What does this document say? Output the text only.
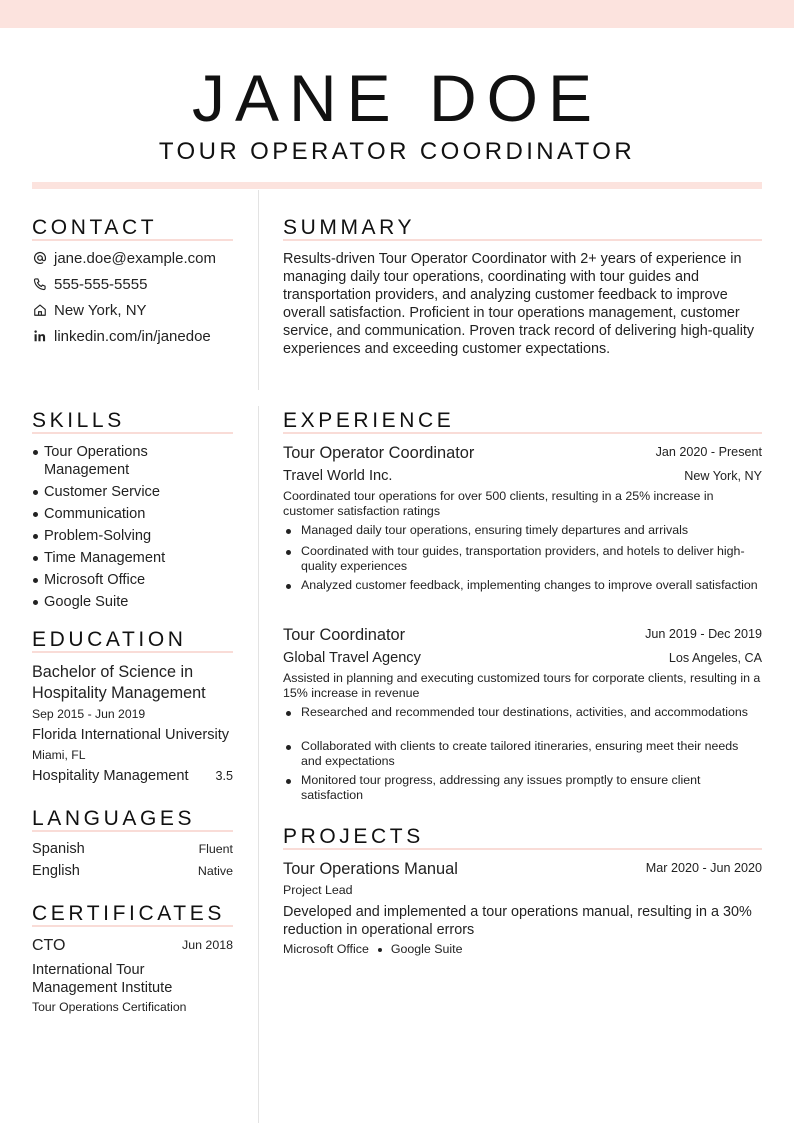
JANE DOE
TOUR OPERATOR COORDINATOR
CONTACT
jane.doe@example.com
555-555-5555
New York, NY
linkedin.com/in/janedoe
SUMMARY
Results-driven Tour Operator Coordinator with 2+ years of experience in managing daily tour operations, coordinating with tour guides and transportation providers, and analyzing customer feedback to improve overall satisfaction. Proficient in tour operations management, customer service, and communication. Proven track record of delivering high-quality experiences and exceeding customer expectations.
SKILLS
Tour Operations Management
Customer Service
Communication
Problem-Solving
Time Management
Microsoft Office
Google Suite
EDUCATION
Bachelor of Science in Hospitality Management
Sep 2015 - Jun 2019
Florida International University
Miami, FL
Hospitality Management	3.5
LANGUAGES
Spanish	Fluent
English	Native
CERTIFICATES
CTO	Jun 2018
International Tour Management Institute
Tour Operations Certification
EXPERIENCE
Tour Operator Coordinator	Jan 2020 - Present
Travel World Inc.	New York, NY
Coordinated tour operations for over 500 clients, resulting in a 25% increase in customer satisfaction ratings
Managed daily tour operations, ensuring timely departures and arrivals
Coordinated with tour guides, transportation providers, and hotels to deliver high-quality experiences
Analyzed customer feedback, implementing changes to improve overall satisfaction
Tour Coordinator	Jun 2019 - Dec 2019
Global Travel Agency	Los Angeles, CA
Assisted in planning and executing customized tours for corporate clients, resulting in a 15% increase in revenue
Researched and recommended tour destinations, activities, and accommodations
Collaborated with clients to create tailored itineraries, ensuring meet their needs and expectations
Monitored tour progress, addressing any issues promptly to ensure client satisfaction
PROJECTS
Tour Operations Manual	Mar 2020 - Jun 2020
Project Lead
Developed and implemented a tour operations manual, resulting in a 30% reduction in operational errors
Microsoft Office Google Suite
